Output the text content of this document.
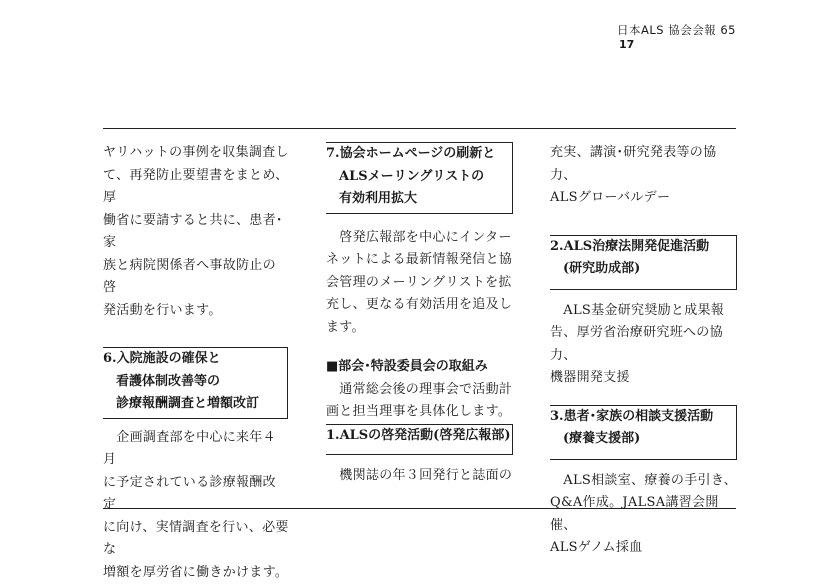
日本ALS 協会会報 65
17

ヤリハットの事例を収集調査し
て、再発防止要望書をまとめ、厚
働省に要請すると共に、患者･家
族と病院関係者へ事故防止の啓
発活動を行います。

6.入院施設の確保と
　看護体制改善等の
　診療報酬調査と増額改訂

　企画調査部を中心に来年４月
に予定されている診療報酬改定
に向け、実情調査を行い、必要な
増額を厚労省に働きかけます。

7.協会ホームページの刷新と
　ALSメーリングリストの
　有効利用拡大

　啓発広報部を中心にインター
ネットによる最新情報発信と協
会管理のメーリングリストを拡
充し、更なる有効活用を追及し
ます。

■部会･特設委員会の取組み

　通常総会後の理事会で活動計
画と担当理事を具体化します。

1.ALSの啓発活動(啓発広報部)

　機関誌の年３回発行と誌面の

充実、講演･研究発表等の協力、
ALSグローバルデー

2.ALS治療法開発促進活動
　(研究助成部)

　ALS基金研究奨励と成果報
告、厚労省治療研究班への協力、
機器開発支援

3.患者･家族の相談支援活動
　(療養支援部)

　ALS相談室、療養の手引き、
Q&A作成。JALSA講習会開催、
ALSゲノム採血
